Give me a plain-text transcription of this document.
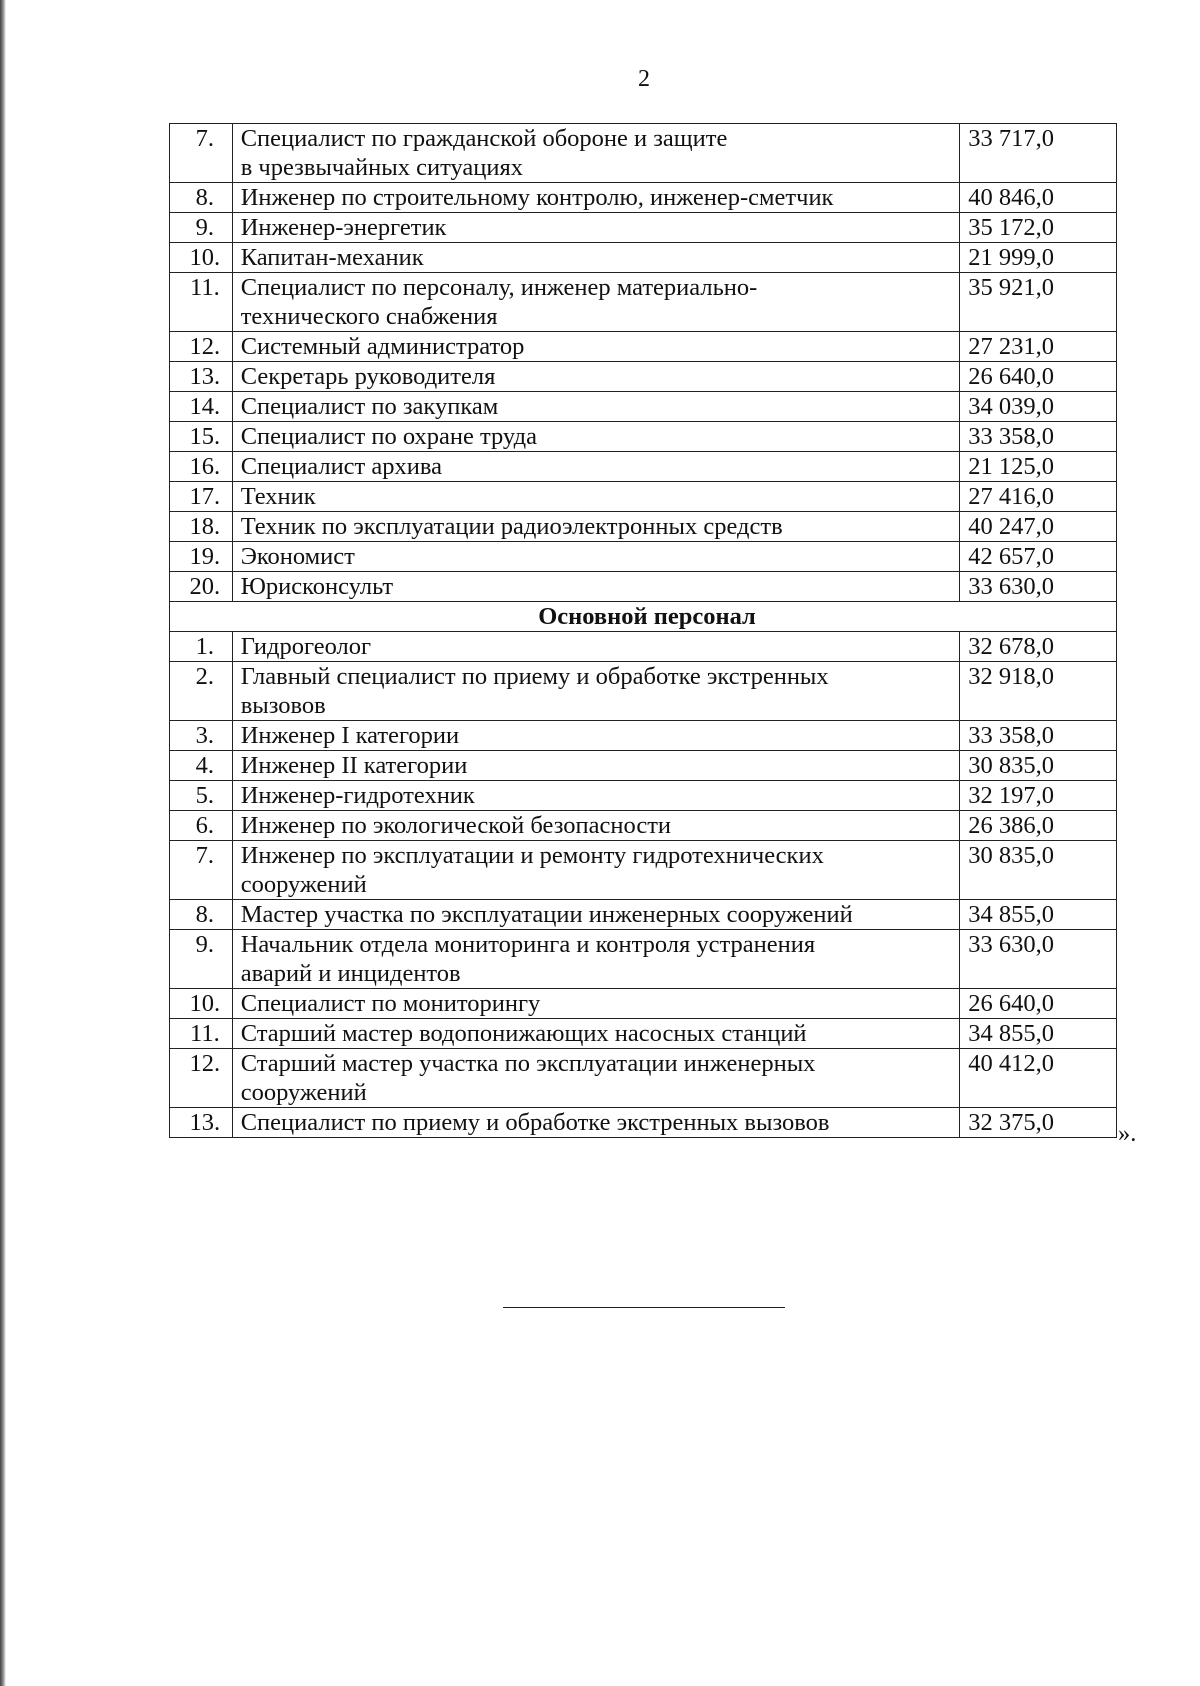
2
7.	Специалист по гражданской обороне и защите
в чрезвычайных ситуациях	33 717,0
8.	Инженер по строительному контролю, инженер-сметчик	40 846,0
9.	Инженер-энергетик	35 172,0
10.	Капитан-механик	21 999,0
11.	Специалист по персоналу, инженер материально-
технического снабжения	35 921,0
12.	Системный администратор	27 231,0
13.	Секретарь руководителя	26 640,0
14.	Специалист по закупкам	34 039,0
15.	Специалист по охране труда	33 358,0
16.	Специалист архива	21 125,0
17.	Техник	27 416,0
18.	Техник по эксплуатации радиоэлектронных средств	40 247,0
19.	Экономист	42 657,0
20.	Юрисконсульт	33 630,0
Основной персонал		
1.	Гидрогеолог	32 678,0
2.	Главный специалист по приему и обработке экстренных
вызовов	32 918,0
3.	Инженер I категории	33 358,0
4.	Инженер II категории	30 835,0
5.	Инженер-гидротехник	32 197,0
6.	Инженер по экологической безопасности	26 386,0
7.	Инженер по эксплуатации и ремонту гидротехнических
сооружений	30 835,0
8.	Мастер участка по эксплуатации инженерных сооружений	34 855,0
9.	Начальник отдела мониторинга и контроля устранения
аварий и инцидентов	33 630,0
10.	Специалист по мониторингу	26 640,0
11.	Старший мастер водопонижающих насосных станций	34 855,0
12.	Старший мастер участка по эксплуатации инженерных
сооружений	40 412,0
13.	Специалист по приему и обработке экстренных вызовов	32 375,0	».
